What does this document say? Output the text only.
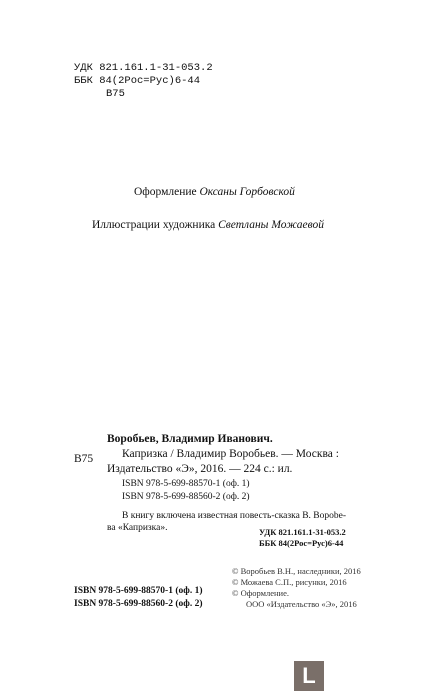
УДК 821.161.1-31-053.2
ББК 84(2Рос=Рус)6-44
В75
Оформление Оксаны Горбовской
Иллюстрации художника Светланы Можаевой
В75
Воробьев, Владимир Иванович.
Капризка / Владимир Воробьев. — Москва :
Издательство «Э», 2016. — 224 с.: ил.
ISBN 978-5-699-88570-1 (оф. 1)
ISBN 978-5-699-88560-2 (оф. 2)
В книгу включена известная повесть-сказка В. Вороbe-
ва «Капризка».	УДК 821.161.1-31-053.2
ББК 84(2Рос=Рус)6-44
ISBN 978-5-699-88570-1 (оф. 1)
ISBN 978-5-699-88560-2 (оф. 2)
© Воробьев В.Н., наследники, 2016
© Можаева С.П., рисунки, 2016
© Оформление.
ООО «Издательство «Э», 2016
L
